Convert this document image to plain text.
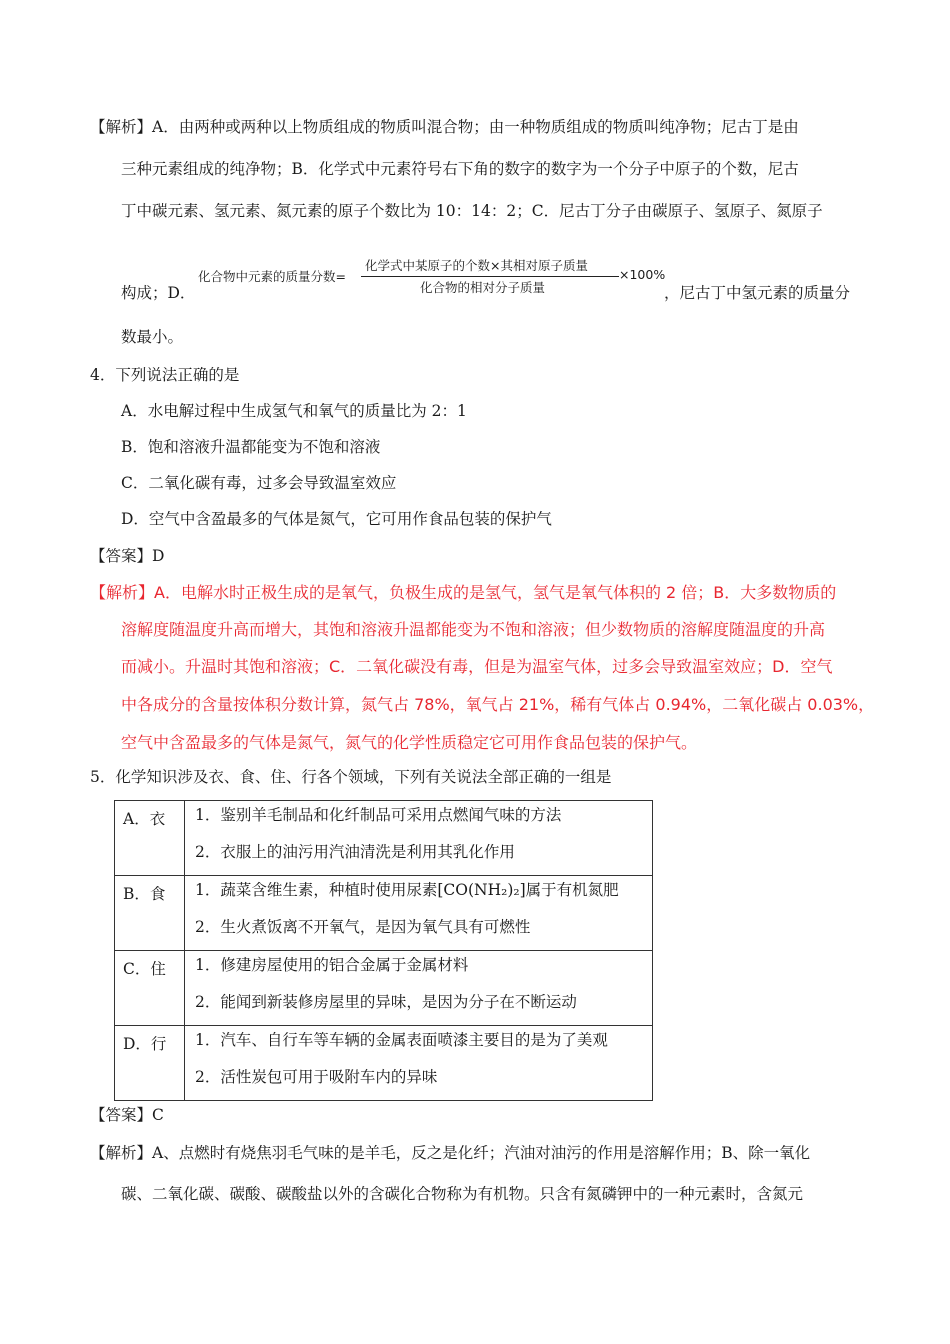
【解析】A．由两种或两种以上物质组成的物质叫混合物；由一种物质组成的物质叫纯净物；尼古丁是由
三种元素组成的纯净物；B．化学式中元素符号右下角的数字的数字为一个分子中原子的个数，尼古
丁中碳元素、氢元素、氮元素的原子个数比为 10：14：2；C．尼古丁分子由碳原子、氢原子、氮原子
化合物中元素的质量分数=
化学式中某原子的个数×其相对原子质量
化合物的相对分子质量
×100%
构成；D．	，尼古丁中氢元素的质量分
数最小。
4．下列说法正确的是
A．水电解过程中生成氢气和氧气的质量比为 2：1
B．饱和溶液升温都能变为不饱和溶液
C．二氧化碳有毒，过多会导致温室效应
D．空气中含盈最多的气体是氮气，它可用作食品包装的保护气
【答案】D
【解析】A．电解水时正极生成的是氧气，负极生成的是氢气，氢气是氧气体积的 2 倍；B．大多数物质的
溶解度随温度升高而增大，其饱和溶液升温都能变为不饱和溶液；但少数物质的溶解度随温度的升高
而减小。升温时其饱和溶液；C．二氧化碳没有毒，但是为温室气体，过多会导致温室效应；D．空气
中各成分的含量按体积分数计算，氮气占 78%，氧气占 21%，稀有气体占 0.94%，二氧化碳占 0.03%，
空气中含盈最多的气体是氮气，氮气的化学性质稳定它可用作食品包装的保护气。
5．化学知识涉及衣、食、住、行各个领域，下列有关说法全部正确的一组是
A．衣	1．鉴别羊毛制品和化纤制品可采用点燃闻气味的方法
2．衣服上的油污用汽油清洗是利用其乳化作用

B．食	1．蔬菜含维生素，种植时使用尿素[CO(NH₂)₂]属于有机氮肥
2．生火煮饭离不开氧气，是因为氧气具有可燃性

C．住	1．修建房屋使用的铝合金属于金属材料
2．能闻到新装修房屋里的异味，是因为分子在不断运动

D．行	1．汽车、自行车等车辆的金属表面喷漆主要目的是为了美观
2．活性炭包可用于吸附车内的异味
【答案】C
【解析】A、点燃时有烧焦羽毛气味的是羊毛，反之是化纤；汽油对油污的作用是溶解作用；B、除一氧化
碳、二氧化碳、碳酸、碳酸盐以外的含碳化合物称为有机物。只含有氮磷钾中的一种元素时，含氮元
